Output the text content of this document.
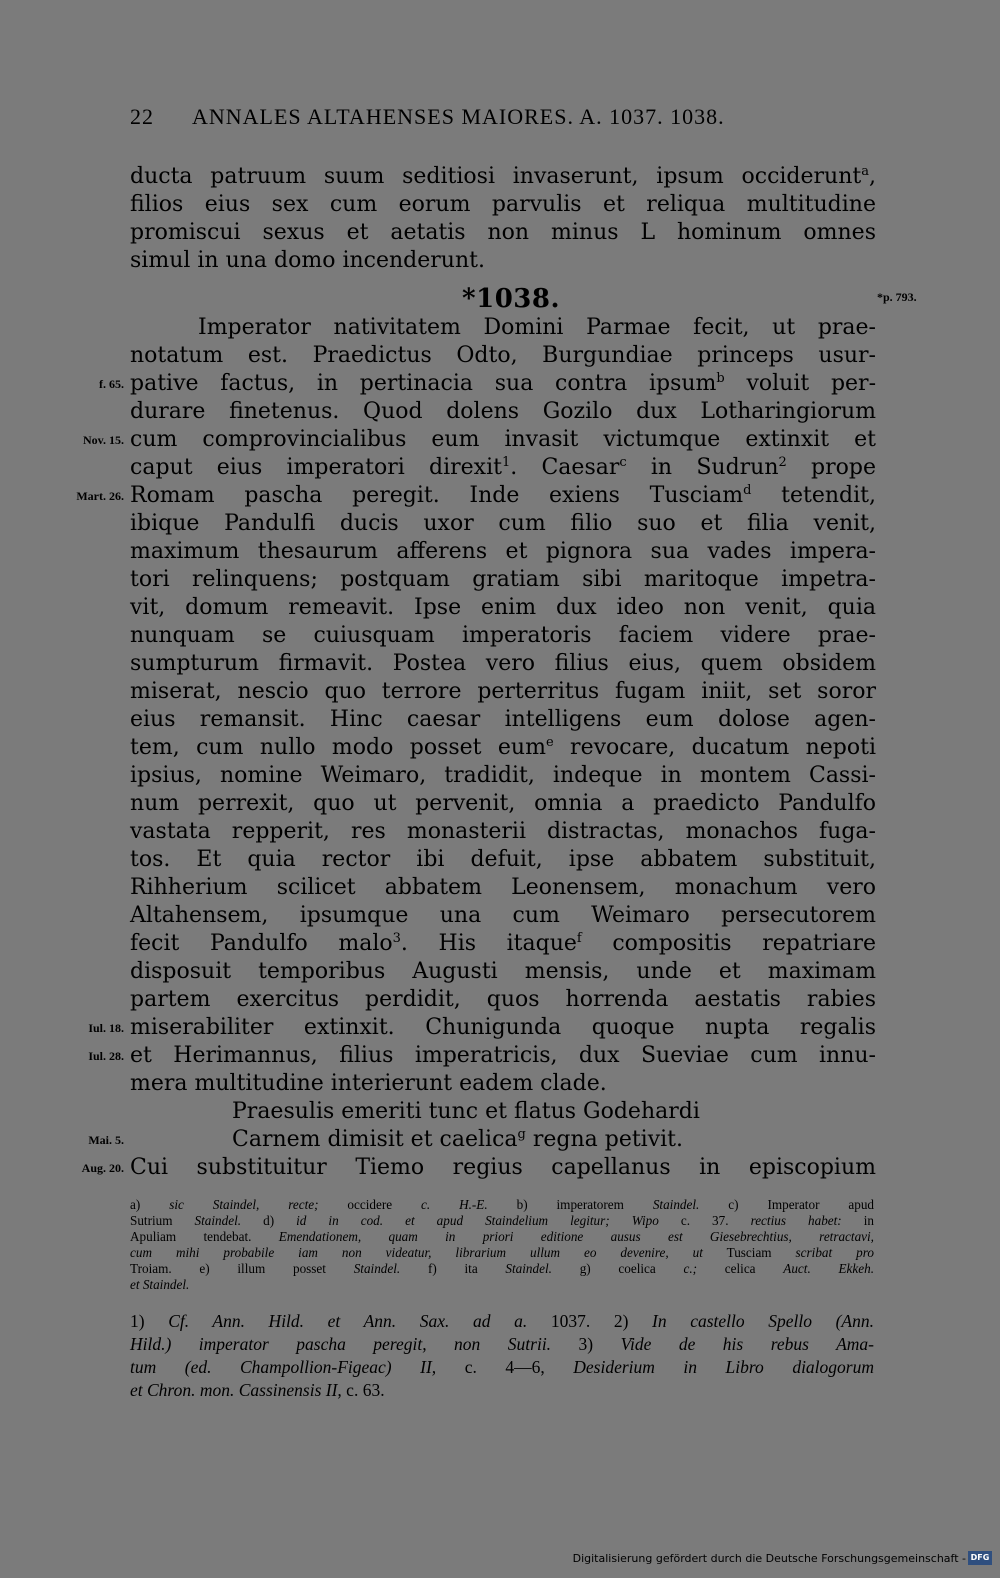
22 ANNALES ALTAHENSES MAIORES. A. 1037. 1038.
ducta patruum suum seditiosi invaserunt, ipsum occiderunt$^a$,
filios eius sex cum eorum parvulis et reliqua multitudine
promiscui sexus et aetatis non minus L hominum omnes
simul in una domo incenderunt.
*1038.	*p. 793.
Imperator nativitatem Domini Parmae fecit, ut prae-
notatum est. Praedictus Odto, Burgundiae princeps usur-
f. 65. pative factus, in pertinacia sua contra ipsum$^b$ voluit per-
durare finetenus. Quod dolens Gozilo dux Lotharingiorum
Nov. 15. cum comprovincialibus eum invasit victumque extinxit et
caput eius imperatori direxit$^1$. Caesar$^c$ in Sudrun$^2$ prope
Mart. 26. Romam pascha peregit. Inde exiens Tusciam$^d$ tetendit,
ibique Pandulfi ducis uxor cum filio suo et filia venit,
maximum thesaurum afferens et pignora sua vades impera-
tori relinquens; postquam gratiam sibi maritoque impetra-
vit, domum remeavit. Ipse enim dux ideo non venit, quia
nunquam se cuiusquam imperatoris faciem videre prae-
sumpturum firmavit. Postea vero filius eius, quem obsidem
miserat, nescio quo terrore perterritus fugam iniit, set soror
eius remansit. Hinc caesar intelligens eum dolose agen-
tem, cum nullo modo posset eum$^e$ revocare, ducatum nepoti
ipsius, nomine Weimaro, tradidit, indeque in montem Cassi-
num perrexit, quo ut pervenit, omnia a praedicto Pandulfo
vastata repperit, res monasterii distractas, monachos fuga-
tos. Et quia rector ibi defuit, ipse abbatem substituit,
Rihherium scilicet abbatem Leonensem, monachum vero
Altahensem, ipsumque una cum Weimaro persecutorem
fecit Pandulfo malo$^3$. His itaque$^f$ compositis repatriare
disposuit temporibus Augusti mensis, unde et maximam
partem exercitus perdidit, quos horrenda aestatis rabies
Iul. 18. miserabiliter extinxit. Chunigunda quoque nupta regalis
Iul. 28. et Herimannus, filius imperatricis, dux Sueviae cum innu-
mera multitudine interierunt eadem clade.
Praesulis emeriti tunc et flatus Godehardi
Mai. 5.	Carnem dimisit et caelica$^g$ regna petivit.
Aug. 20. Cui substituitur Tiemo regius capellanus in episcopium
a) sic Staindel, recte; occidere c. H.-E. b) imperatorem Staindel. c) Imperator apud
Sutrium Staindel. d) id in cod. et apud Staindelium legitur; Wipo c. 37. rectius habet: in
Apuliam tendebat. Emendationem, quam in priori editione ausus est Giesebrechtius, retractavi,
cum mihi probabile iam non videatur, librarium ullum eo devenire, ut Tusciam scribat pro
Troiam. e) illum posset Staindel. f) ita Staindel. g) coelica c.; celica Auct. Ekkeh.
et Staindel.
1) Cf. Ann. Hild. et Ann. Sax. ad a. 1037. 2) In castello Spello (Ann.
Hild.) imperator pascha peregit, non Sutrii. 3) Vide de his rebus Ama-
tum (ed. Champollion-Figeac) II, c. 4—6, Desiderium in Libro dialogorum
et Chron. mon. Cassinensis II, c. 63.
Digitalisierung gefördert durch die Deutsche Forschungsgemeinschaft - DFG
